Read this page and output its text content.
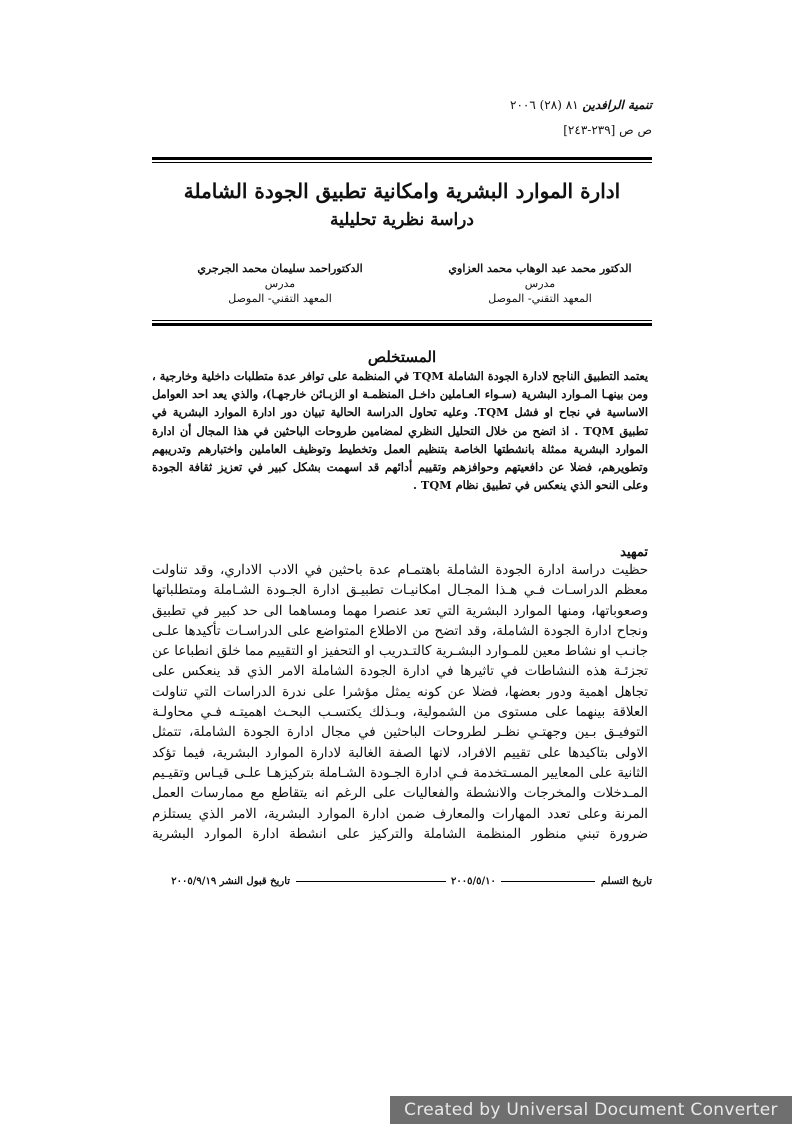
تنمية الرافدين ٨١ (٢٨) ٢٠٠٦
ص ص [٢٣٩-٢٤٣]
ادارة الموارد البشرية وامكانية تطبيق الجودة الشاملة
دراسة نظرية تحليلية
الدكتور محمد عبد الوهاب محمد العزاوي
مدرس
المعهد التقني- الموصل
الدكتوراحمد سليمان محمد الجرجري
مدرس
المعهد التقني- الموصل
المستخلص
يعتمد التطبيق الناجح لادارة الجودة الشاملة TQM في المنظمة على توافر عدة متطلبات داخلية وخارجية ، ومن بينهـا المـوارد البشرية (سـواء العـاملين داخـل المنظمـة او الزبـائن خارجهـا)، والذي يعد احد العوامل الاساسية في نجاح او فشل TQM. وعليه تحاول الدراسة الحالية تبيان دور ادارة الموارد البشرية في تطبيق TQM . اذ اتضح من خلال التحليل النظري لمضامين طروحات الباحثين في هذا المجال أن ادارة الموارد البشرية ممثلة بانشطتها الخاصة بتنظيم العمل وتخطيط وتوظيف العاملين واختبارهم وتدريبهم وتطويرهم، فضلا عن دافعيتهم وحوافزهم وتقييم أدائهم قد اسهمت بشكل كبير في تعزيز ثقافة الجودة وعلى النحو الذي ينعكس في تطبيق نظام TQM .
تمهيد

حظيت دراسة ادارة الجودة الشاملة باهتمـام عدة باحثين في الادب الاداري، وقد تناولت معظم الدراسـات فـي هـذا المجـال امكانيـات تطبيـق ادارة الجـودة الشـاملة ومتطلباتها وصعوباتها، ومنها الموارد البشرية التي تعد عنصرا مهما ومساهما الى حد كبير في تطبيق ونجاح ادارة الجودة الشاملة، وقد اتضح من الاطلاع المتواضع على الدراسـات تأكيدها علـى جانـب او نشاط معين للمـوارد البشـرية كالتـدريب او التحفيز او التقييم مما خلق انطباعا عن تجزئـة هذه النشاطات في تاثيرها في ادارة الجودة الشاملة الامر الذي قد ينعكس على تجاهل اهمية ودور بعضها، فضلا عن كونه يمثل مؤشرا على ندرة الدراسات التي تناولت العلاقة بينهما على مستوى من الشمولية، وبـذلك يكتسـب البحـث اهميتـه فـي محاولـة التوفيـق بـين وجهتـي نظـر لطروحات الباحثين في مجال ادارة الجودة الشاملة، تتمثل الاولى بتاكيدها على تقييم الافراد، لانها الصفة الغالبة لادارة الموارد البشرية، فيما تؤكد الثانية على المعايير المسـتخدمة فـي ادارة الجـودة الشـاملة بتركيزهـا علـى قيـاس وتقيـيم المـدخلات والمخرجات والانشطة والفعاليات على الرغم انه يتقاطع مع ممارسات العمل المرنة وعلى تعدد المهارات والمعارف ضمن ادارة الموارد البشرية، الامر الذي يستلزم ضرورة تبني منظور المنظمة الشاملة والتركيز على انشطة ادارة الموارد البشرية

تاريخ التسلم  ٢٠٠٥/٥/١٠  تاريخ قبول النشر ٢٠٠٥/٩/١٩
Created by Universal Document Converter
